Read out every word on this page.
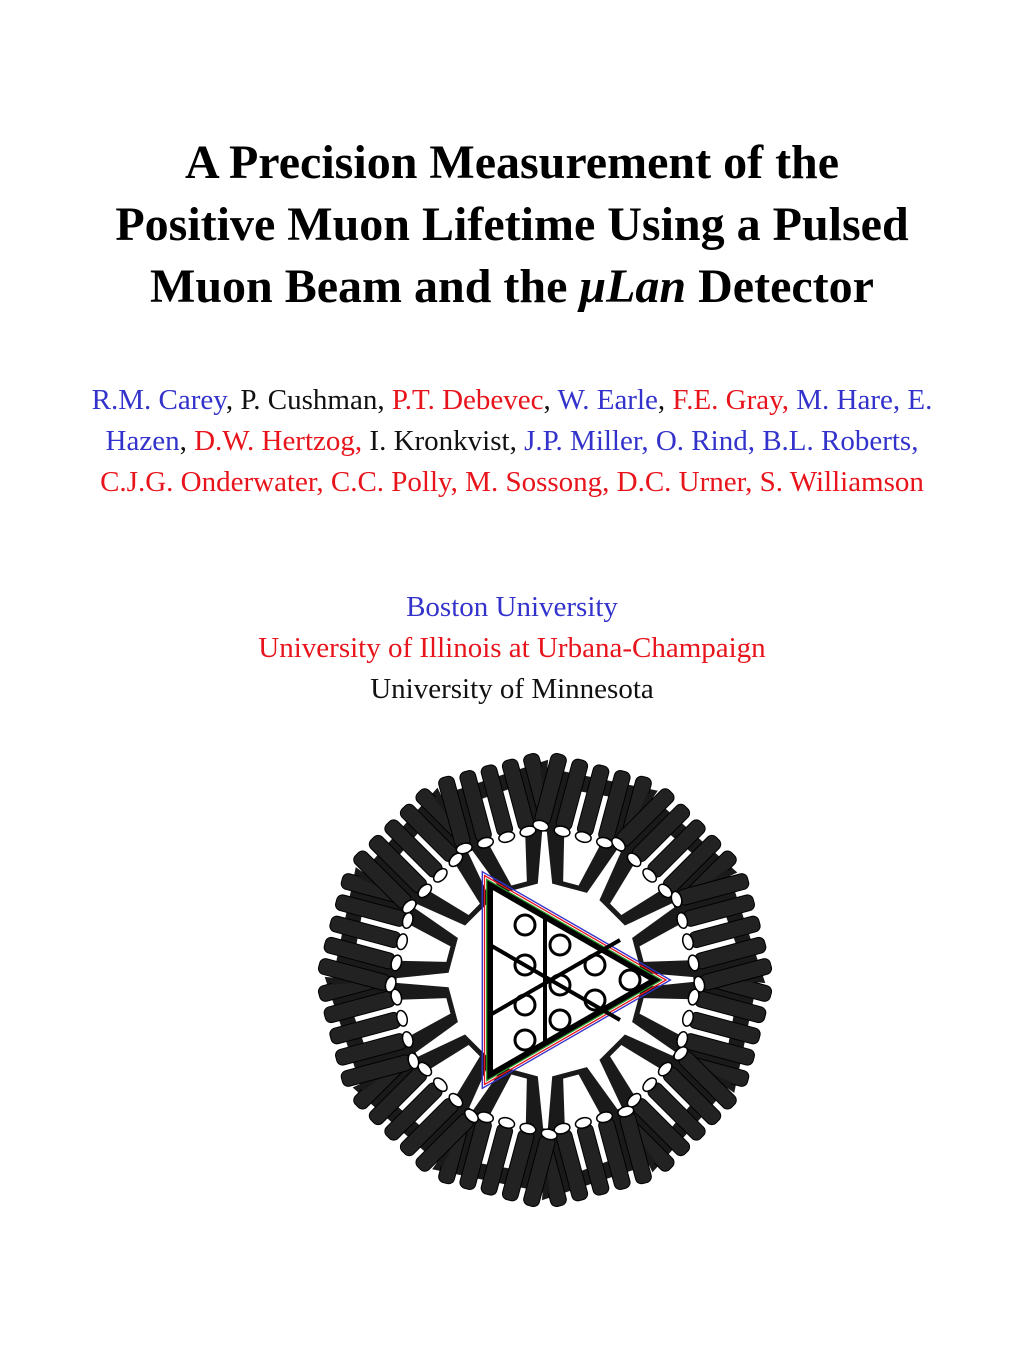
A Precision Measurement of the
Positive Muon Lifetime Using a Pulsed
Muon Beam and the μLan Detector
R.M. Carey, P. Cushman, P.T. Debevec, W. Earle, F.E. Gray, M. Hare, E. Hazen, D.W. Hertzog, I. Kronkvist, J.P. Miller, O. Rind, B.L. Roberts, C.J.G. Onderwater, C.C. Polly, M. Sossong, D.C. Urner, S. Williamson
Boston University
University of Illinois at Urbana-Champaign
University of Minnesota
